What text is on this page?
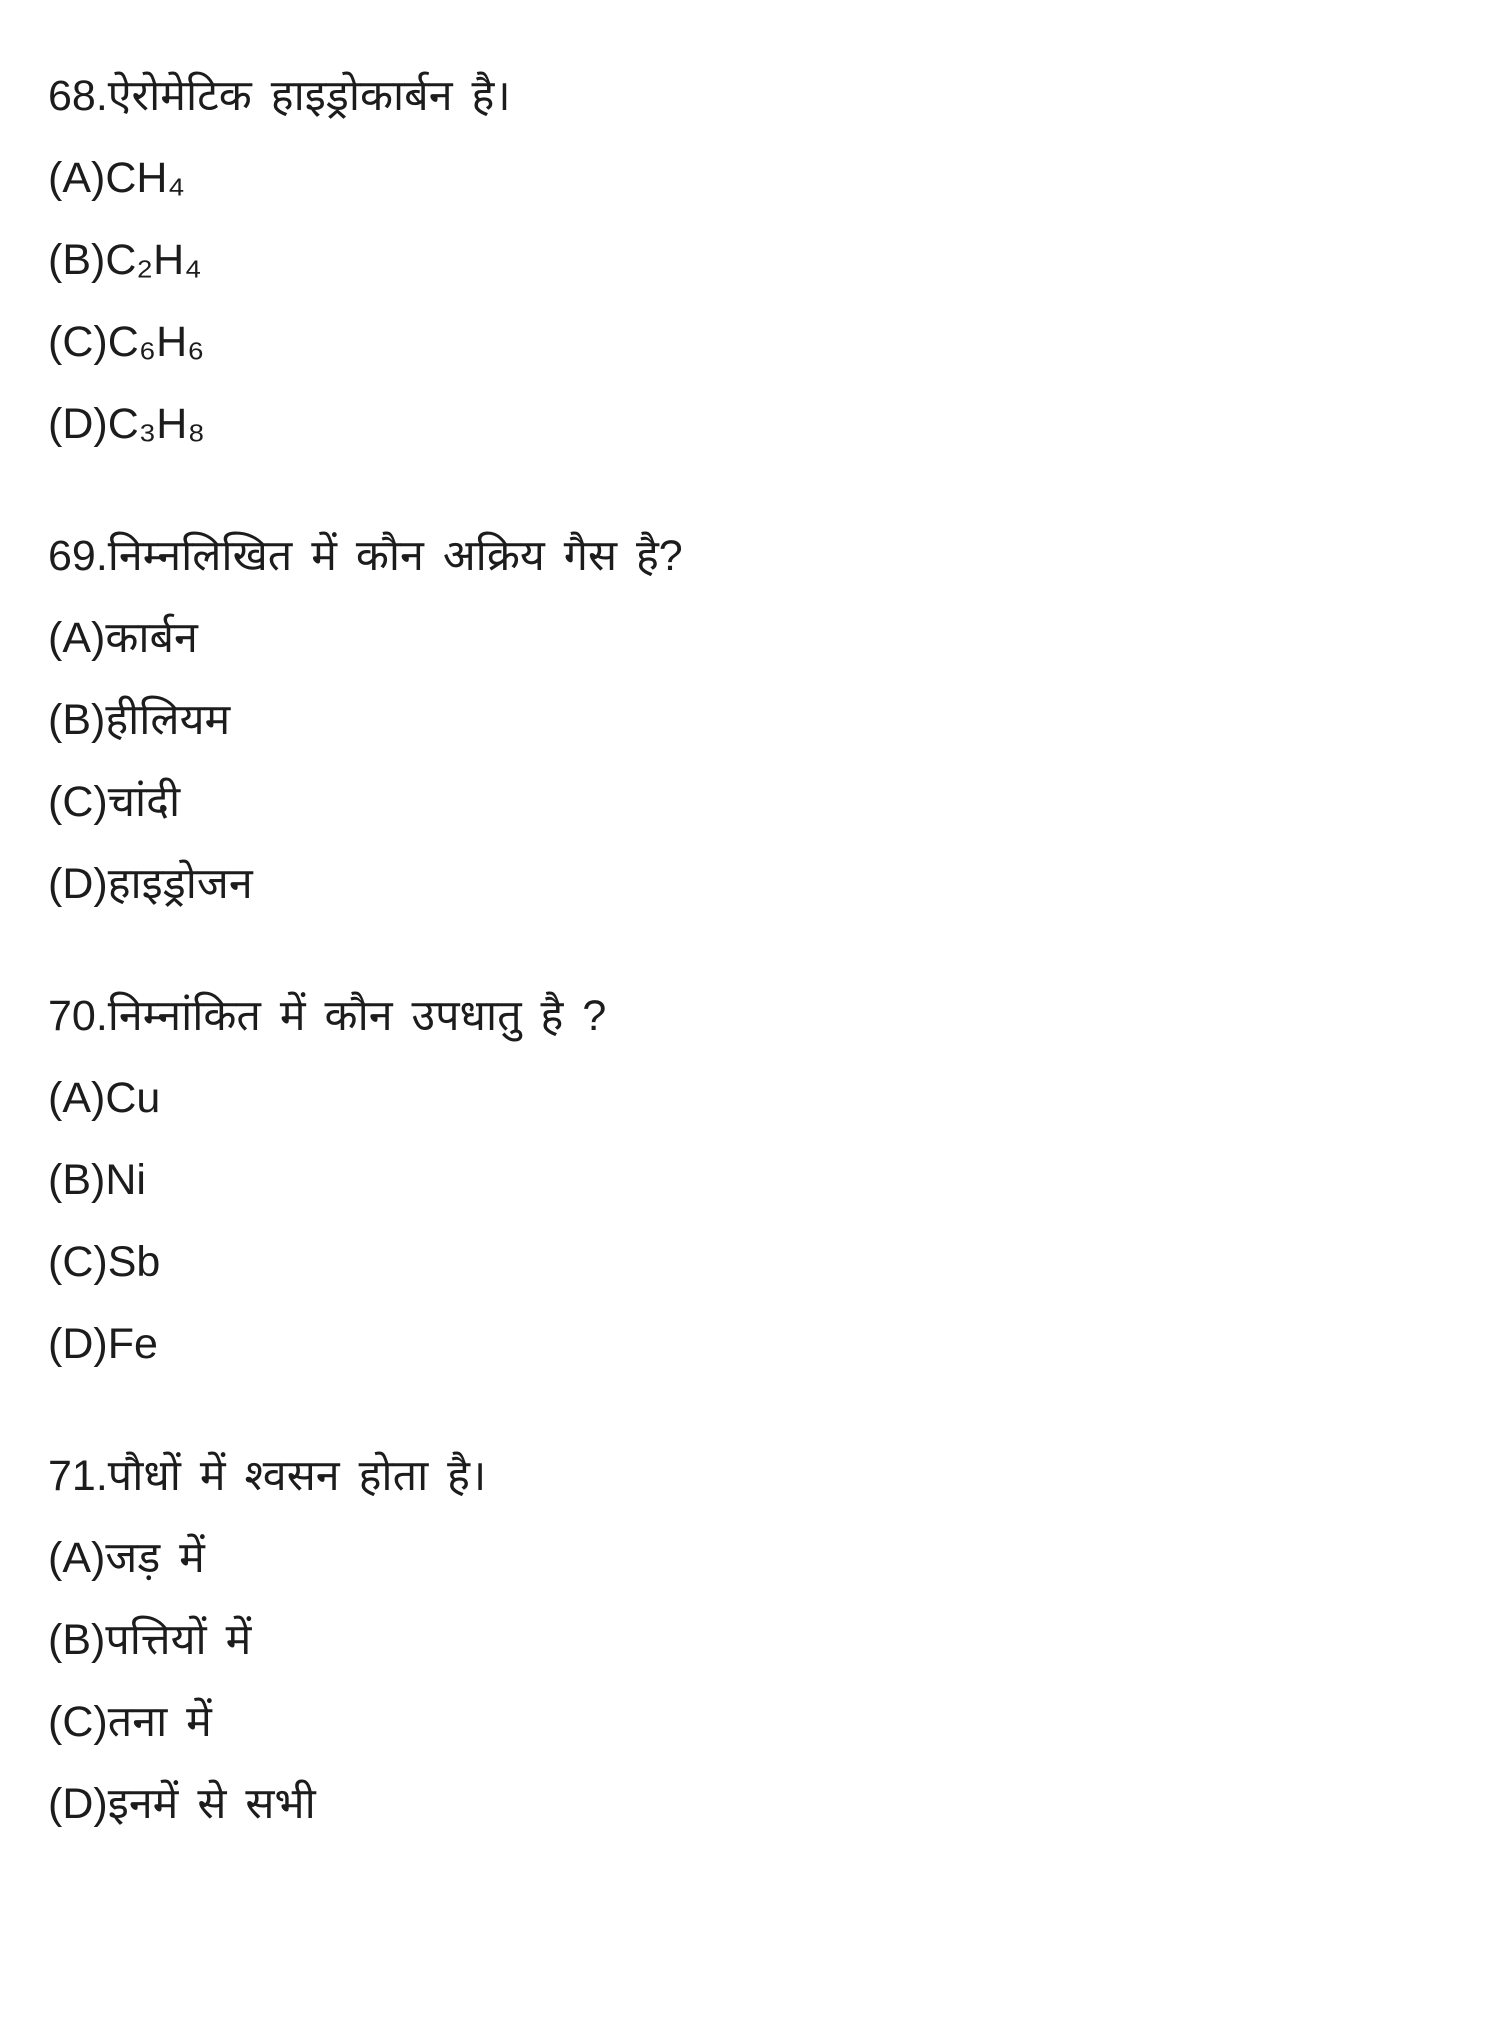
68. ऐरोमेटिक हाइड्रोकार्बन है।
(A) CH₄
(B) C₂H₄
(C) C₆H₆
(D) C₃H₈
69. निम्नलिखित में कौन अक्रिय गैस है?
(A) कार्बन
(B) हीलियम
(C) चांदी
(D) हाइड्रोजन
70. निम्नांकित में कौन उपधातु है ?
(A) Cu
(B) Ni
(C) Sb
(D) Fe
71. पौधों में श्वसन होता है।
(A) जड़ में
(B) पत्तियों में
(C) तना में
(D) इनमें से सभी
